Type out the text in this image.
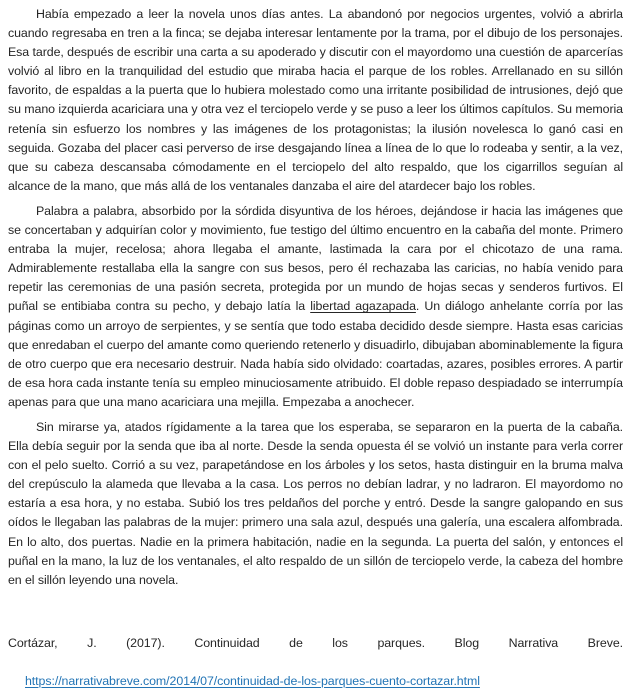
Había empezado a leer la novela unos días antes. La abandonó por negocios urgentes, volvió a abrirla cuando regresaba en tren a la finca; se dejaba interesar lentamente por la trama, por el dibujo de los personajes. Esa tarde, después de escribir una carta a su apoderado y discutir con el mayordomo una cuestión de aparcerías volvió al libro en la tranquilidad del estudio que miraba hacia el parque de los robles. Arrellanado en su sillón favorito, de espaldas a la puerta que lo hubiera molestado como una irritante posibilidad de intrusiones, dejó que su mano izquierda acariciara una y otra vez el terciopelo verde y se puso a leer los últimos capítulos. Su memoria retenía sin esfuerzo los nombres y las imágenes de los protagonistas; la ilusión novelesca lo ganó casi en seguida. Gozaba del placer casi perverso de irse desgajando línea a línea de lo que lo rodeaba y sentir, a la vez, que su cabeza descansaba cómodamente en el terciopelo del alto respaldo, que los cigarrillos seguían al alcance de la mano, que más allá de los ventanales danzaba el aire del atardecer bajo los robles.

Palabra a palabra, absorbido por la sórdida disyuntiva de los héroes, dejándose ir hacia las imágenes que se concertaban y adquirían color y movimiento, fue testigo del último encuentro en la cabaña del monte. Primero entraba la mujer, recelosa; ahora llegaba el amante, lastimada la cara por el chicotazo de una rama. Admirablemente restallaba ella la sangre con sus besos, pero él rechazaba las caricias, no había venido para repetir las ceremonias de una pasión secreta, protegida por un mundo de hojas secas y senderos furtivos. El puñal se entibiaba contra su pecho, y debajo latía la libertad agazapada. Un diálogo anhelante corría por las páginas como un arroyo de serpientes, y se sentía que todo estaba decidido desde siempre. Hasta esas caricias que enredaban el cuerpo del amante como queriendo retenerlo y disuadirlo, dibujaban abominablemente la figura de otro cuerpo que era necesario destruir. Nada había sido olvidado: coartadas, azares, posibles errores. A partir de esa hora cada instante tenía su empleo minuciosamente atribuido. El doble repaso despiadado se interrumpía apenas para que una mano acariciara una mejilla. Empezaba a anochecer.

Sin mirarse ya, atados rígidamente a la tarea que los esperaba, se separaron en la puerta de la cabaña. Ella debía seguir por la senda que iba al norte. Desde la senda opuesta él se volvió un instante para verla correr con el pelo suelto. Corrió a su vez, parapetándose en los árboles y los setos, hasta distinguir en la bruma malva del crepúsculo la alameda que llevaba a la casa. Los perros no debían ladrar, y no ladraron. El mayordomo no estaría a esa hora, y no estaba. Subió los tres peldaños del porche y entró. Desde la sangre galopando en sus oídos le llegaban las palabras de la mujer: primero una sala azul, después una galería, una escalera alfombrada. En lo alto, dos puertas. Nadie en la primera habitación, nadie en la segunda. La puerta del salón, y entonces el puñal en la mano, la luz de los ventanales, el alto respaldo de un sillón de terciopelo verde, la cabeza del hombre en el sillón leyendo una novela.

Cortázar, J. (2017). Continuidad de los parques. Blog Narrativa Breve.

https://narrativabreve.com/2014/07/continuidad-de-los-parques-cuento-cortazar.html
